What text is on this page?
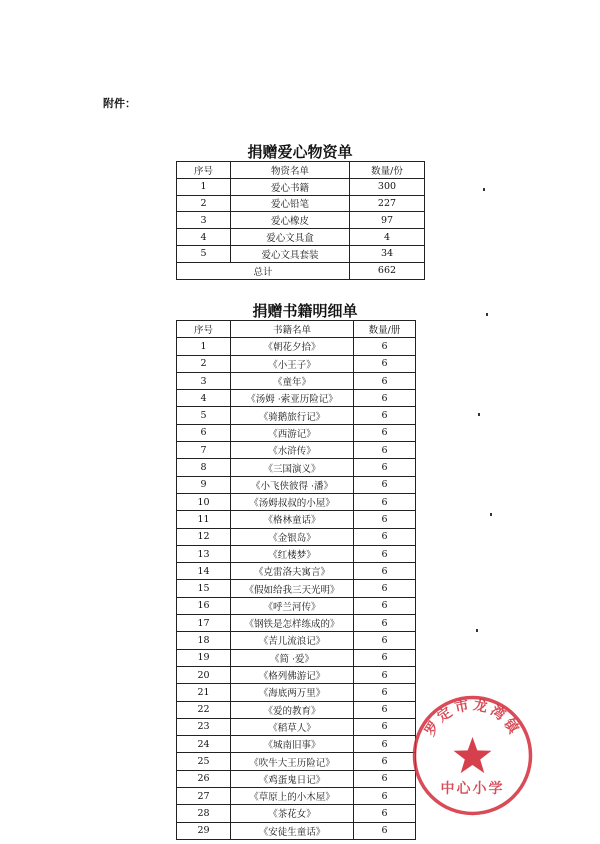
附件：
捐赠爱心物资单
序号	物资名单	数量/份
1	爱心书籍	300
2	爱心铅笔	227
3	爱心橡皮	97
4	爱心文具盒	4
5	爱心文具套装	34
总计		662
捐赠书籍明细单
序号	书籍名单	数量/册
1	《朝花夕拾》	6
2	《小王子》	6
3	《童年》	6
4	《汤姆 ·索亚历险记》	6
5	《骑鹅旅行记》	6
6	《西游记》	6
7	《水浒传》	6
8	《三国演义》	6
9	《小飞侠彼得 ·潘》	6
10	《汤姆叔叔的小屋》	6
11	《格林童话》	6
12	《金银岛》	6
13	《红楼梦》	6
14	《克雷洛夫寓言》	6
15	《假如给我三天光明》	6
16	《呼兰河传》	6
17	《钢铁是怎样练成的》	6
18	《苦儿流浪记》	6
19	《简 ·爱》	6
20	《格列佛游记》	6
21	《海底两万里》	6
22	《爱的教育》	6
23	《稻草人》	6
24	《城南旧事》	6
25	《吹牛大王历险记》	6
26	《鸡蛋鬼日记》	6
27	《草原上的小木屋》	6
28	《茶花女》	6
29	《安徒生童话》	6
罗定市龙湾镇
中心小学
